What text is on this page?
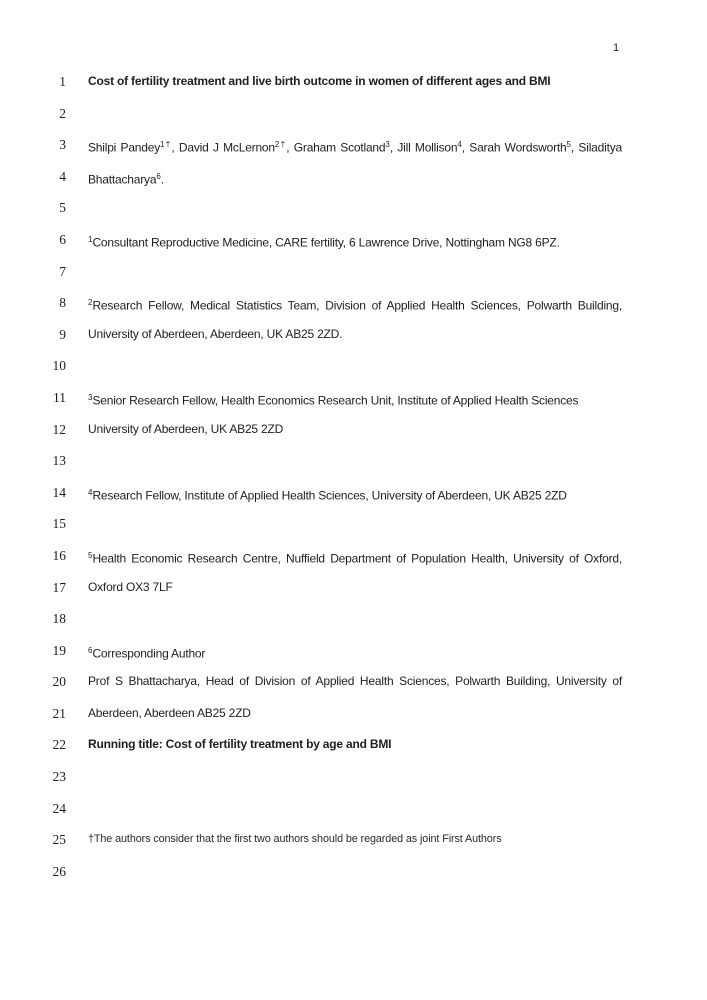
1
1 Cost of fertility treatment and live birth outcome in women of different ages and BMI
2
3 Shilpi Pandey$^{1\dagger}$, David J McLernon$^{2\dagger}$, Graham Scotland$^3$, Jill Mollison$^4$, Sarah Wordsworth$^5$, Siladitya
4 Bhattacharya$^6$.
5
6	$^1$Consultant Reproductive Medicine, CARE fertility, 6 Lawrence Drive, Nottingham NG8 6PZ.
7
8	$^2$Research Fellow, Medical Statistics Team, Division of Applied Health Sciences, Polwarth Building,
9 University of Aberdeen, Aberdeen, UK AB25 2ZD.
10
11	$^3$Senior Research Fellow, Health Economics Research Unit, Institute of Applied Health Sciences
12 University of Aberdeen, UK AB25 2ZD
13
14	$^4$Research Fellow, Institute of Applied Health Sciences, University of Aberdeen, UK AB25 2ZD
15
16	$^5$Health Economic Research Centre, Nuffield Department of Population Health, University of Oxford,
17 Oxford OX3 7LF
18
19	$^6$Corresponding Author
20 Prof S Bhattacharya, Head of Division of Applied Health Sciences, Polwarth Building, University of
21 Aberdeen, Aberdeen AB25 2ZD
22 Running title: Cost of fertility treatment by age and BMI
23
24
25 †The authors consider that the first two authors should be regarded as joint First Authors
26
